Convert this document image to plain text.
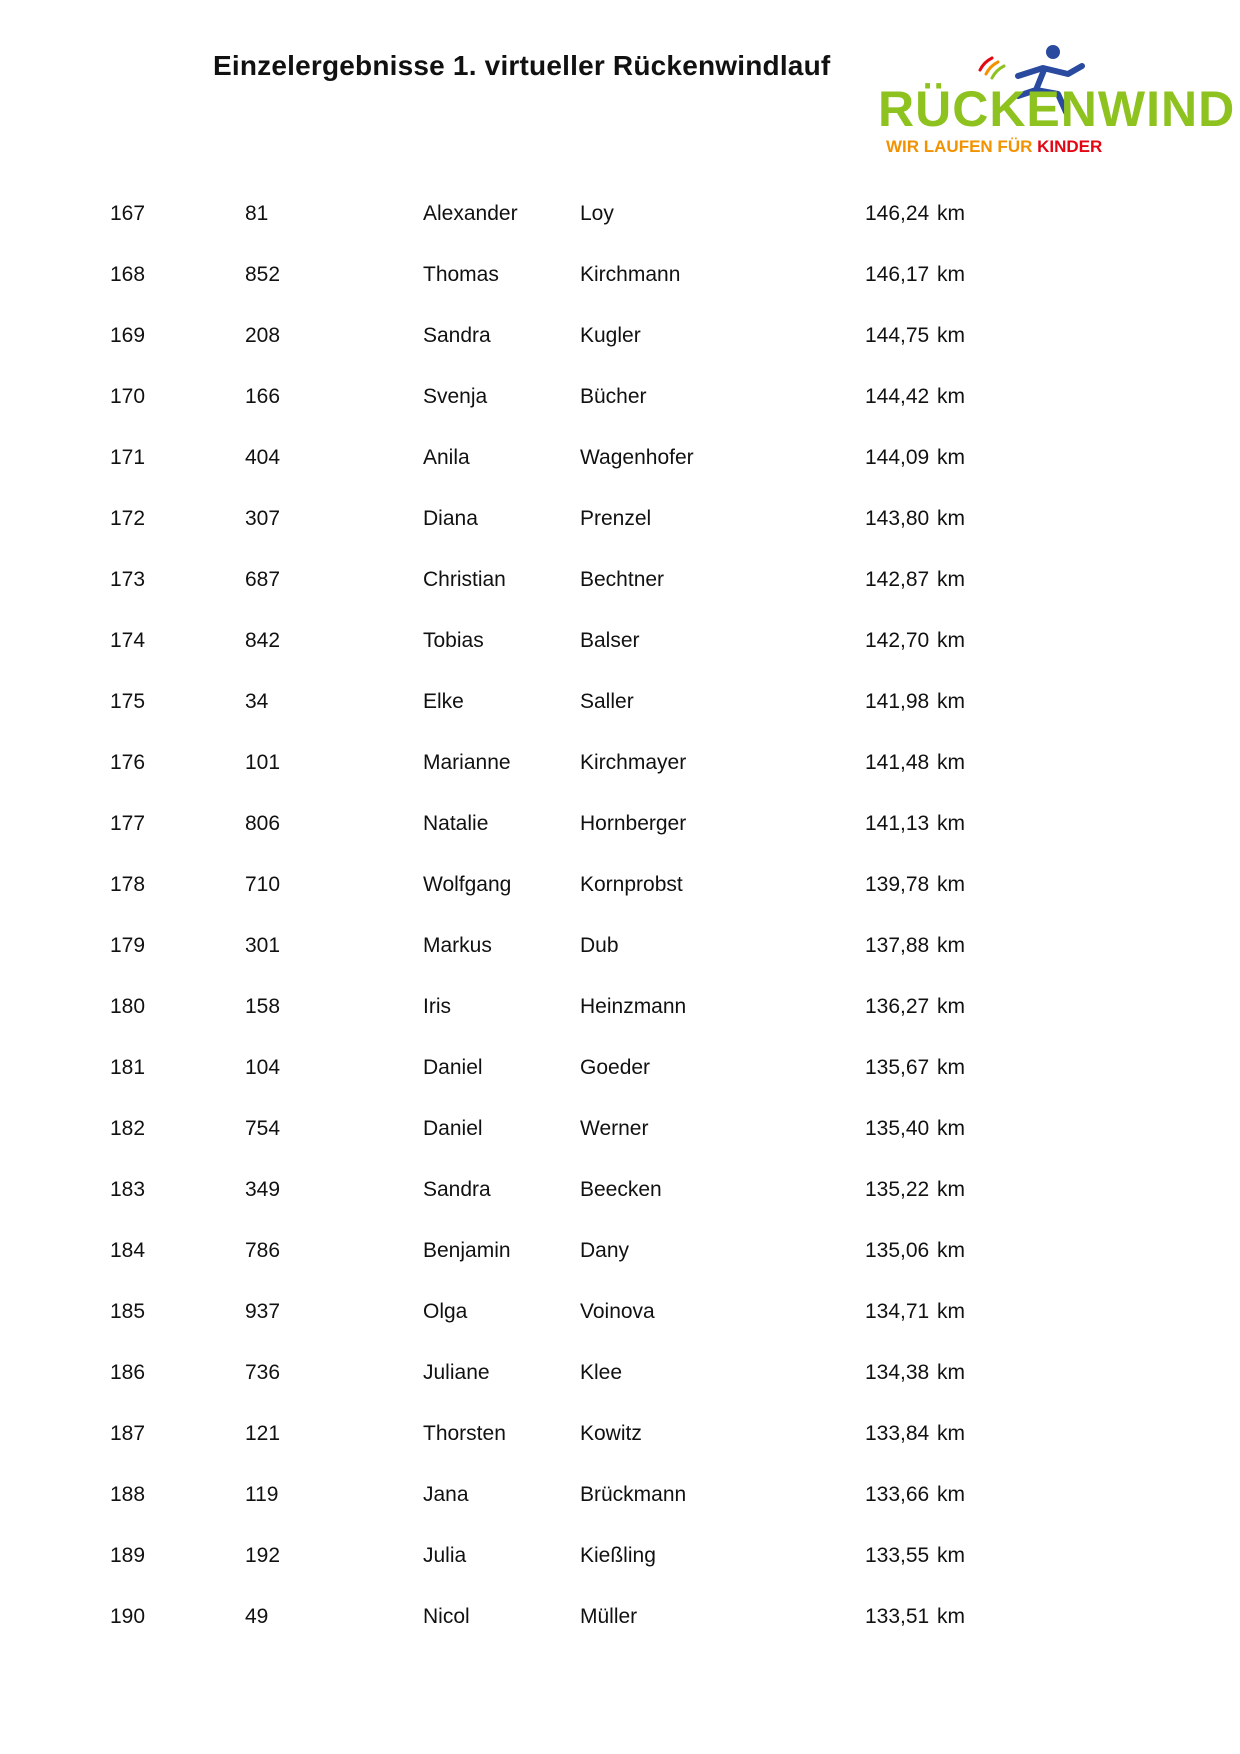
Einzelergebnisse 1. virtueller Rückenwindlauf
RÜCKENWIND
WIR LAUFEN FÜR KINDER
167	81	Alexander	Loy	146,24 km
168	852	Thomas	Kirchmann	146,17 km
169	208	Sandra	Kugler	144,75 km
170	166	Svenja	Bücher	144,42 km
171	404	Anila	Wagenhofer	144,09 km
172	307	Diana	Prenzel	143,80 km
173	687	Christian	Bechtner	142,87 km
174	842	Tobias	Balser	142,70 km
175	34	Elke	Saller	141,98 km
176	101	Marianne	Kirchmayer	141,48 km
177	806	Natalie	Hornberger	141,13 km
178	710	Wolfgang	Kornprobst	139,78 km
179	301	Markus	Dub	137,88 km
180	158	Iris	Heinzmann	136,27 km
181	104	Daniel	Goeder	135,67 km
182	754	Daniel	Werner	135,40 km
183	349	Sandra	Beecken	135,22 km
184	786	Benjamin	Dany	135,06 km
185	937	Olga	Voinova	134,71 km
186	736	Juliane	Klee	134,38 km
187	121	Thorsten	Kowitz	133,84 km
188	119	Jana	Brückmann	133,66 km
189	192	Julia	Kießling	133,55 km
190	49	Nicol	Müller	133,51 km
